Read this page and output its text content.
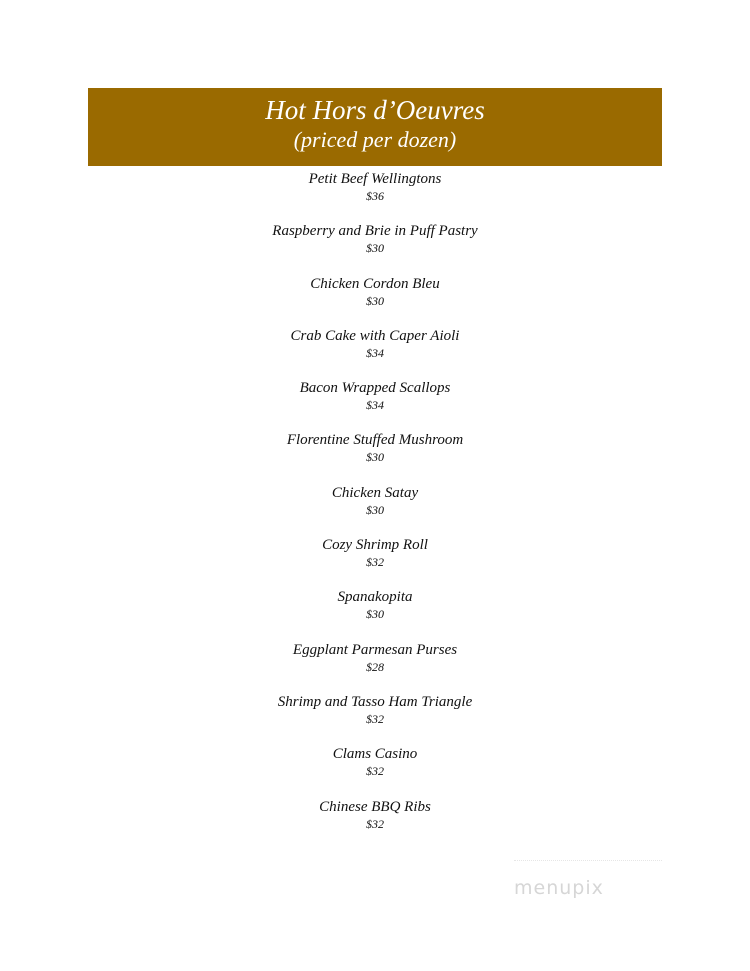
Hot Hors d’Oeuvres
(priced per dozen)
Petit Beef Wellingtons
$36
Raspberry and Brie in Puff Pastry
$30
Chicken Cordon Bleu
$30
Crab Cake with Caper Aioli
$34
Bacon Wrapped Scallops
$34
Florentine Stuffed Mushroom
$30
Chicken Satay
$30
Cozy Shrimp Roll
$32
Spanakopita
$30
Eggplant Parmesan Purses
$28
Shrimp and Tasso Ham Triangle
$32
Clams Casino
$32
Chinese BBQ Ribs
$32
menupix
